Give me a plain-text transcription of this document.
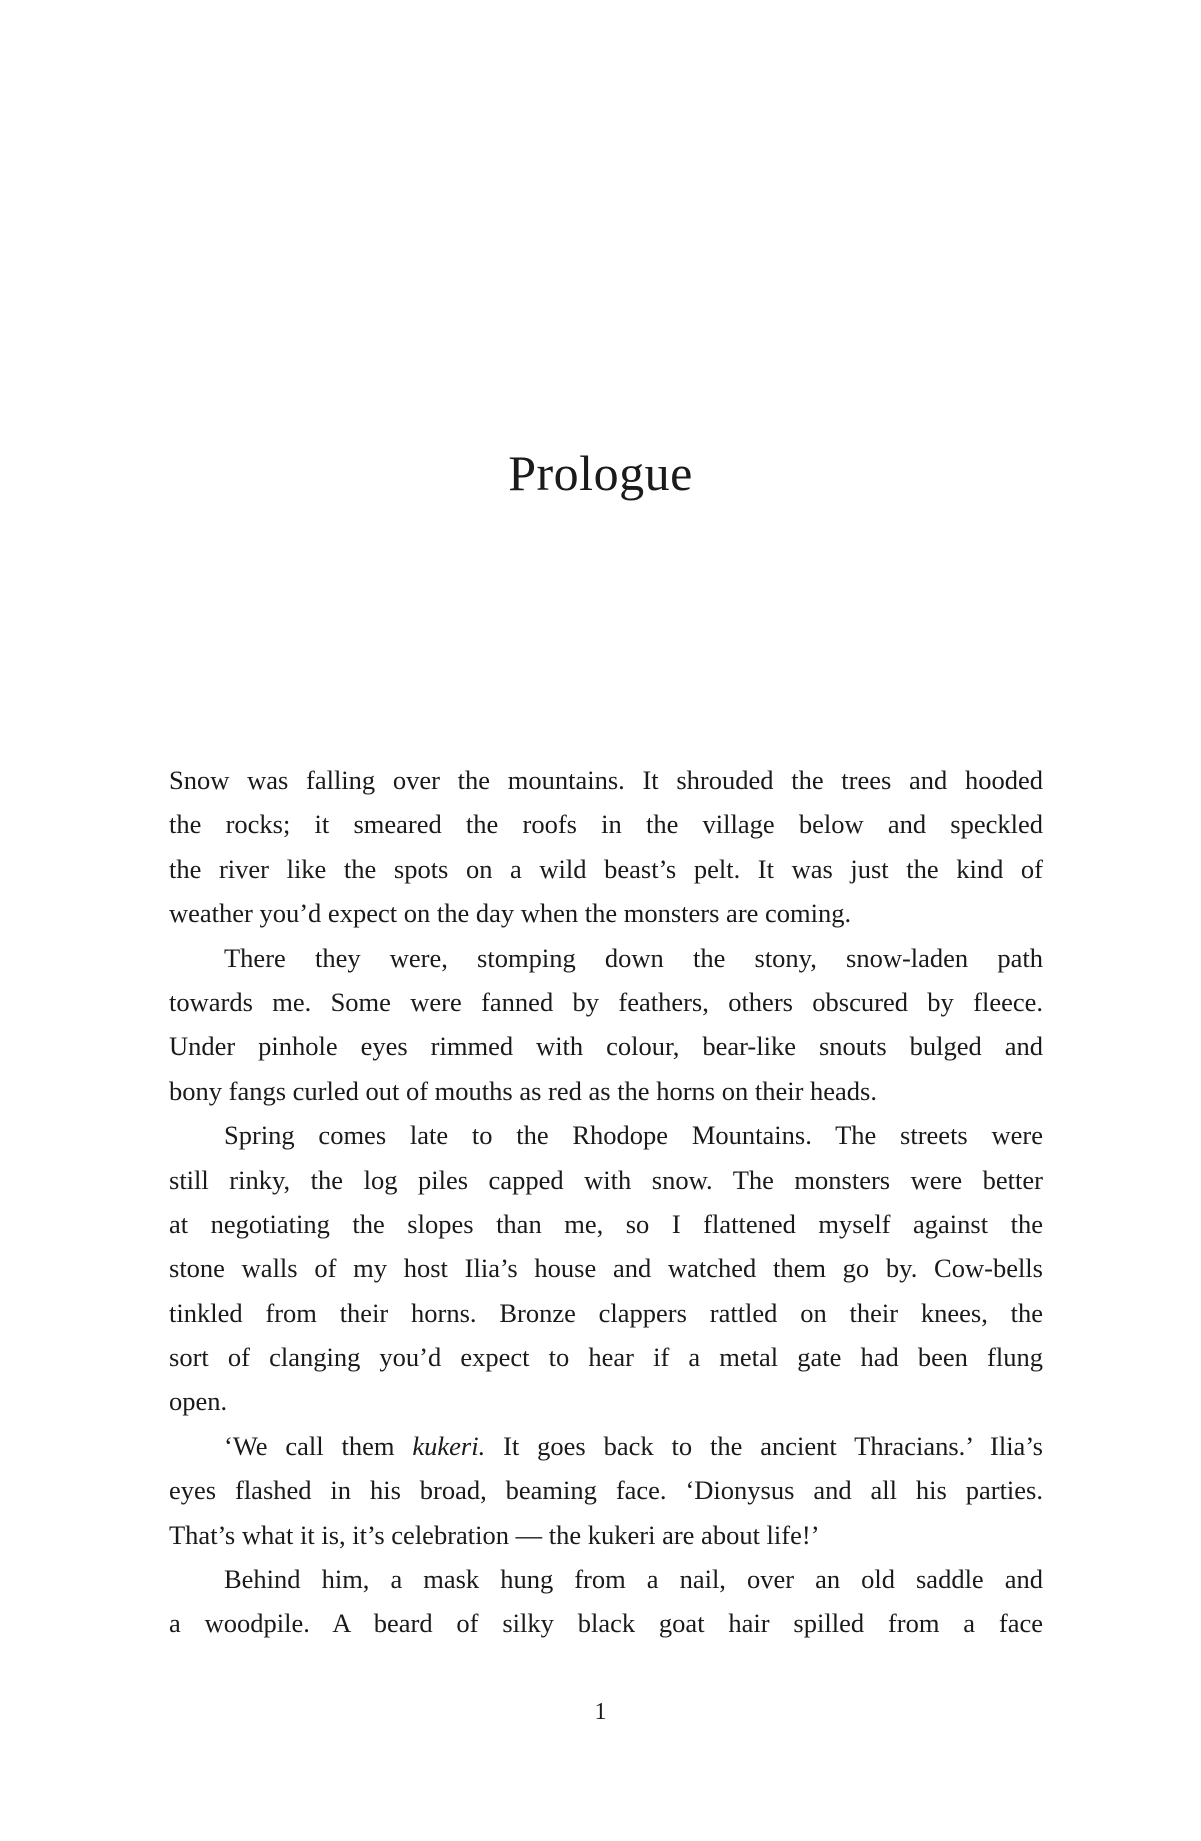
Prologue
Snow was falling over the mountains. It shrouded the trees and hooded
the rocks; it smeared the roofs in the village below and speckled
the river like the spots on a wild beast’s pelt. It was just the kind of
weather you’d expect on the day when the monsters are coming.
There they were, stomping down the stony, snow-laden path
towards me. Some were fanned by feathers, others obscured by fleece.
Under pinhole eyes rimmed with colour, bear-like snouts bulged and
bony fangs curled out of mouths as red as the horns on their heads.
Spring comes late to the Rhodope Mountains. The streets were
still rinky, the log piles capped with snow. The monsters were better
at negotiating the slopes than me, so I flattened myself against the
stone walls of my host Ilia’s house and watched them go by. Cow-bells
tinkled from their horns. Bronze clappers rattled on their knees, the
sort of clanging you’d expect to hear if a metal gate had been flung
open.
‘We call them kukeri. It goes back to the ancient Thracians.’ Ilia’s
eyes flashed in his broad, beaming face. ‘Dionysus and all his parties.
That’s what it is, it’s celebration — the kukeri are about life!’
Behind him, a mask hung from a nail, over an old saddle and
a woodpile. A beard of silky black goat hair spilled from a face
1
